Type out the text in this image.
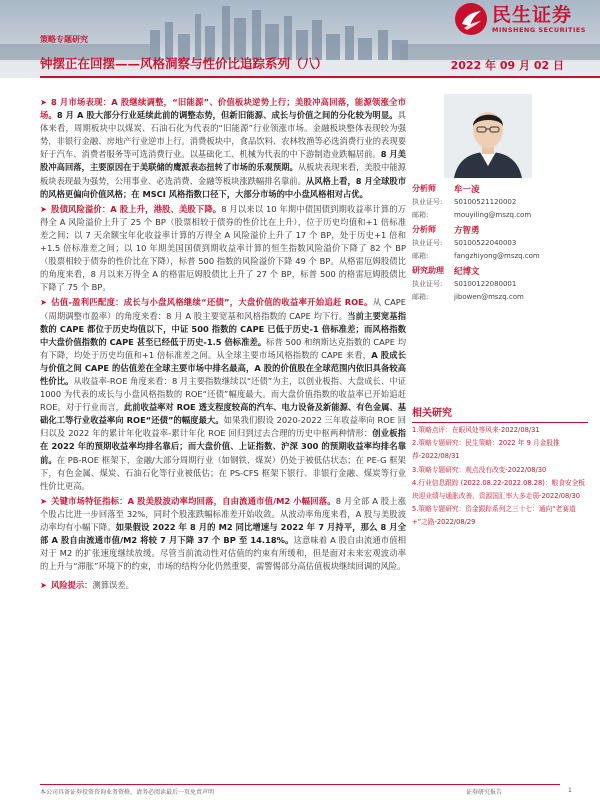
民生证券
MINSHENG SECURITIES
策略专题研究
钟摆正在回摆——风格洞察与性价比追踪系列（八）	2022 年 09 月 02 日
➤ 8 月市场表现：A 股继续调整，“旧能源”、价值板块逆势上行；美股冲高回落，能源领涨全市场。8 月 A 股大部分行业延续此前的调整态势，但新旧能源、成长与价值之间的分化较为明显。具体来看，周期板块中以煤炭、石油石化为代表的“旧能源”行业领涨市场。金融板块整体表现较为强势，非银行金融、房地产行业逆市上行。消费板块中，食品饮料、农林牧渔等必选消费行业的表现要好于汽车、消费者服务等可选消费行业。以基础化工、机械为代表的中下游制造业跌幅居前。8 月美股冲高回落，主要原因在于美联储的鹰派表态扭转了市场的乐观预期。从板块表现来看，美股中能源板块表现最为强势，公用事业、必选消费、金融等板块涨跌幅排名靠前。从风格上看，8 月全球股市的风格更偏向价值风格；在 MSCI 风格指数口径下，大部分市场的中小盘风格相对占优。
➤ 股债风险溢价：A 股上升，港股、美股下降。8 月以来以 10 年期中债国债到期收益率计算的万得全 A 风险溢价上升了 25 个 BP（股票相较于债券的性价比在上升），位于历史均值和+1 倍标准差之间；以 7 天余额宝年化收益率计算的万得全 A 风险溢价上升了 17 个 BP，处于历史+1 倍和+1.5 倍标准差之间；以 10 年期美国国债到期收益率计算的恒生指数风险溢价下降了 82 个 BP（股票相较于债券的性价比在下降），标普 500 指数的风险溢价下降 49 个 BP。从格雷厄姆股债比的角度来看，8 月以来万得全 A 的格雷厄姆股债比上升了 27 个 BP，标普 500 的格雷厄姆股债比下降了 75 个 BP。
➤ 估值-盈利匹配度：成长与小盘风格继续“还债”，大盘价值的收益率开始追赶 ROE。从 CAPE（周期调整市盈率）的角度来看：8 月 A 股主要宽基和风格指数的 CAPE 均下行。当前主要宽基指数的 CAPE 都位于历史均值以下，中证 500 指数的 CAPE 已低于历史-1 倍标准差；而风格指数中大盘价值指数的 CAPE 甚至已经低于历史-1.5 倍标准差。标普 500 和纳斯达克指数的 CAPE 均有下降，均处于历史均值和+1 倍标准差之间。从全球主要市场风格指数的 CAPE 来看，A 股成长与价值之间 CAPE 的估值差在全球主要市场中排名最高，A 股的价值股在全球范围内依旧具备较高性价比。从收益率-ROE 角度来看：8 月主要指数继续以“还债”为主，以创业板指、大盘成长、中证 1000 为代表的成长与小盘风格指数的 ROE“还债”幅度最大。而大盘价值指数的收益率已开始追赶 ROE。对于行业而言，此前收益率对 ROE 透支程度较高的汽车、电力设备及新能源、有色金属、基础化工等行业收益率向 ROE“还债”的幅度最大。如果我们假设 2020-2022 三年收益率向 ROE 回归以及 2022 年的累计年化收益率-累计年化 ROE 回归到过去合理的历史中枢两种情形：创业板指在 2022 年的预期收益率均排名靠后；而大盘价值、上证指数、沪深 300 的预期收益率均排名靠前。在 PB-ROE 框架下，金融/大部分周期行业（如钢铁、煤炭）仍处于被低估状态；在 PE-G 框架下，有色金属、煤炭、石油石化等行业被低估；在 PS-CFS 框架下银行、非银行金融、煤炭等行业性价比更高。
➤ 关键市场特征指标：A 股美股波动率均回落，自由流通市值/M2 小幅回落。8 月全部 A 股上涨个股占比进一步回落至 32%，同时个股涨跌幅标准差开始收敛。从波动率角度来看，A 股与美股波动率均有小幅下降。如果假设 2022 年 8 月的 M2 同比增速与 2022 年 7 月持平，那么 8 月全部 A 股自由流通市值/M2 将较 7 月下降 37 个 BP 至 14.18%。这意味着 A 股自由流通市值相对于 M2 的扩张速度继续放缓。尽管当前流动性对估值的约束有所缓和，但是面对未来宏观波动率的上升与“滞胀”环境下的约束，市场的结构分化仍然重要，需警惕部分高估值板块继续回调的风险。
➤ 风险提示：测算误差。
分析师	牟一凌
执业证号:	S0100521120002
邮箱:	mouyiling@mszq.com
分析师	方智勇
执业证号:	S0100522040003
邮箱:	fangzhiyong@mszq.com
研究助理	纪博文
执业证号:	S0100122080001
邮箱:	jibowen@mszq.com
相关研究
1.策略点评：在眼风处等风来-2022/08/31
2.策略专题研究：民生策略：2022 年 9 月金股推荐-2022/08/31
3.策略专题研究：观点没有改变-2022/08/30
4.行业信息跟踪 (2022.08.22-2022.08.28)：粮食安全板块迎业绩与通胀改善，资源国汇率大多走弱-2022/08/30
5.策略专题研究：资金跟踪系列之三十七：通向“老赛道+”之路-2022/08/29
本公司具备证券投资咨询业务资格，请务必阅读最后一页免责声明	证券研究报告	1
